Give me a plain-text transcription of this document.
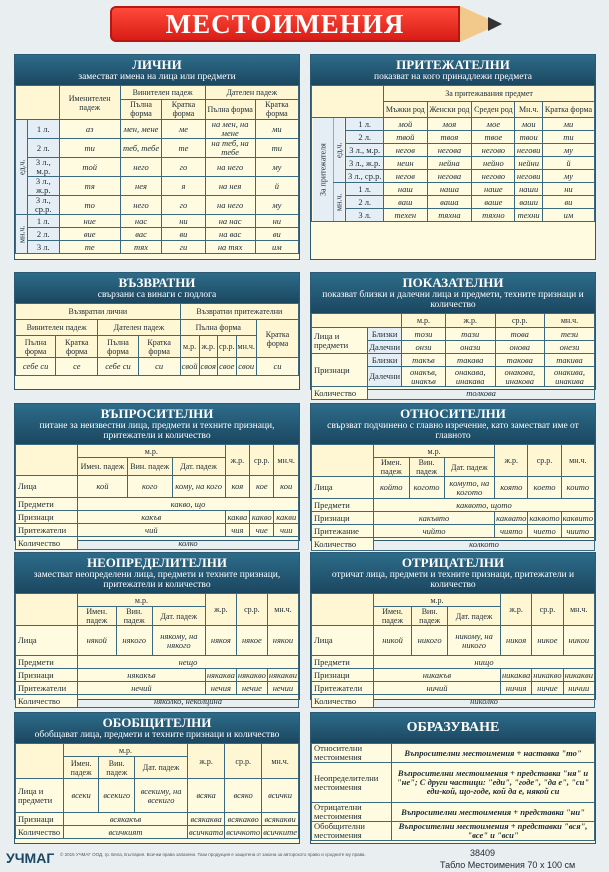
МЕСТОИМЕНИЯ
ЛИЧНИ
заместват имена на лица или предмети
		Именителен падеж	Винителен падеж		Дателен падеж	
			Пълна форма	Кратка форма	Пълна форма	Кратка форма
ед.ч.	1 л.	аз	мен, мене	ме	на мен, на мене	ми
	2 л.	ти	теб, тебе	те	на теб, на тебе	ти
	3 л., м.р.	той	него	го	на него	му
	3 л., ж.р.	тя	нея	я	на нея	й
	3 л., ср.р.	то	него	го	на него	му
мн.ч.	1 л.	ние	нас	ни	на нас	ни
	2 л.	вие	вас	ви	на вас	ви
	3 л.	те	тях	ги	на тях	им
ПРИТЕЖАТЕЛНИ
показват на кого принадлежи предмета
			За притежавания предмет				
			Мъжки род	Женски род	Среден род	Мн.ч.	Кратка форма
За притежателя	ед.ч.	1 л.	мой	моя	мое	мои	ми
		2 л.	твой	твоя	твое	твои	ти
		3 л., м.р.	негов	негова	негово	негови	му
		3 л., ж.р.	неин	нейна	нейно	нейни	й
		3 л., ср.р.	негов	негова	негово	негови	му
	мн.ч.	1 л.	наш	наша	наше	наши	ни
		2 л.	ваш	ваша	ваше	ваши	ви
		3 л.	техен	тяхна	тяхно	техни	им
ВЪЗВРАТНИ
свързани са винаги с подлога
Възвратни лични				Възвратни притежателни				
Винителен падеж		Дателен падеж		Пълна форма				Кратка форма
Пълна форма	Кратка форма	Пълна форма	Кратка форма	м.р.	ж.р.	ср.р.	мн.ч.	
себе си	се	себе си	си	свой	своя	свое	свои	си
ПОКАЗАТЕЛНИ
показват близки и далечни лица и предмети, техните признаци и количество
		м.р.	ж.р.	ср.р.	мн.ч.
Лица и предмети	Близки	този	тази	това	тези
	Далечни	онзи	онази	онова	онези
Признаци	Близки	такъв	такава	такова	такива
	Далечни	онакъв, инакъв	онакава, инакава	онакова, инакова	онакива, инакива
Количество	толкова				
ВЪПРОСИТЕЛНИ
питане за неизвестни лица, предмети и техните признаци, притежатели и количество
	м.р.			ж.р.	ср.р.	мн.ч.
	Имен. падеж	Вин. падеж	Дат. падеж			
Лица	кой	кого	кому, на кого	коя	кое	кои
Предмети	какво, що					
Признаци	какъв			каква	какво	какви
Притежатели	чий			чия	чие	чии
Количество	колко					
ОТНОСИТЕЛНИ
свързват подчинено с главно изречение, като заместват име от главното
	м.р.			ж.р.	ср.р.	мн.ч.
	Имен. падеж	Вин. падеж	Дат. падеж			
Лица	който	когото	комуто, на когото	която	което	които
Предмети	каквото, щото					
Признаци	какъвто			каквато	каквото	каквито
Притежание	чийто			чиято	чието	чиито
Количество	колкото					
НЕОПРЕДЕЛИТЕЛНИ
заместват неопределени лица, предмети и техните признаци, притежатели и количество
	м.р.			ж.р.	ср.р.	мн.ч.
	Имен. падеж	Вин. падеж	Дат. падеж			
Лица	някой	някого	някому, на някого	някоя	някое	някои
Предмети	нещо					
Признаци	някакъв			някаква	някакво	някакви
Притежатели	нечий			нечия	нечие	нечии
Количество	няколко, неколцина					
ОТРИЦАТЕЛНИ
отричат лица, предмети и техните признаци, притежатели и количество
	м.р.			ж.р.	ср.р.	мн.ч.
	Имен. падеж	Вин. падеж	Дат. падеж			
Лица	никой	никого	никому, на никого	никоя	никое	никои
Предмети	нищо					
Признаци	никакъв			никаква	никакво	никакви
Притежатели	ничий			ничия	ничие	ничии
Количество	николко					
ОБОБЩИТЕЛНИ
обобщават лица, предмети и техните признаци и количество
	м.р.			ж.р.	ср.р.	мн.ч.
	Имен. падеж	Вин. падеж	Дат. падеж			
Лица и предмети	всеки	всекиго	всекиму, на всекиго	всяка	всяко	всички
Признаци	всякакъв			всякаква	всякакво	всякакви
Количество	всичкият			всичката	всичкото	всичките
ОБРАЗУВАНЕ
Относителни местоимения	Въпросителни местоимения + наставка "то"
Неопределителни местоимения	Въпросителни местоимения + представка "ня" и "не"; С други частици: "еди", "годе", "да е", "си" еди-кой, що-годе, кой да е, някой си
Отрицателни местоимения	Въпросителни местоимения + представка "ни"
Обобщителни местоимения	Въпросителни местоимения + представки "вся", "все" и "вси"
УЧМАГ © 2015 УЧМАГ ООД, гр. Бяла, България. Всички права запазени. Тази продукция е защитена от закона за авторското право и сродните му права.	38409
Табло Местоимения 70 х 100 см
